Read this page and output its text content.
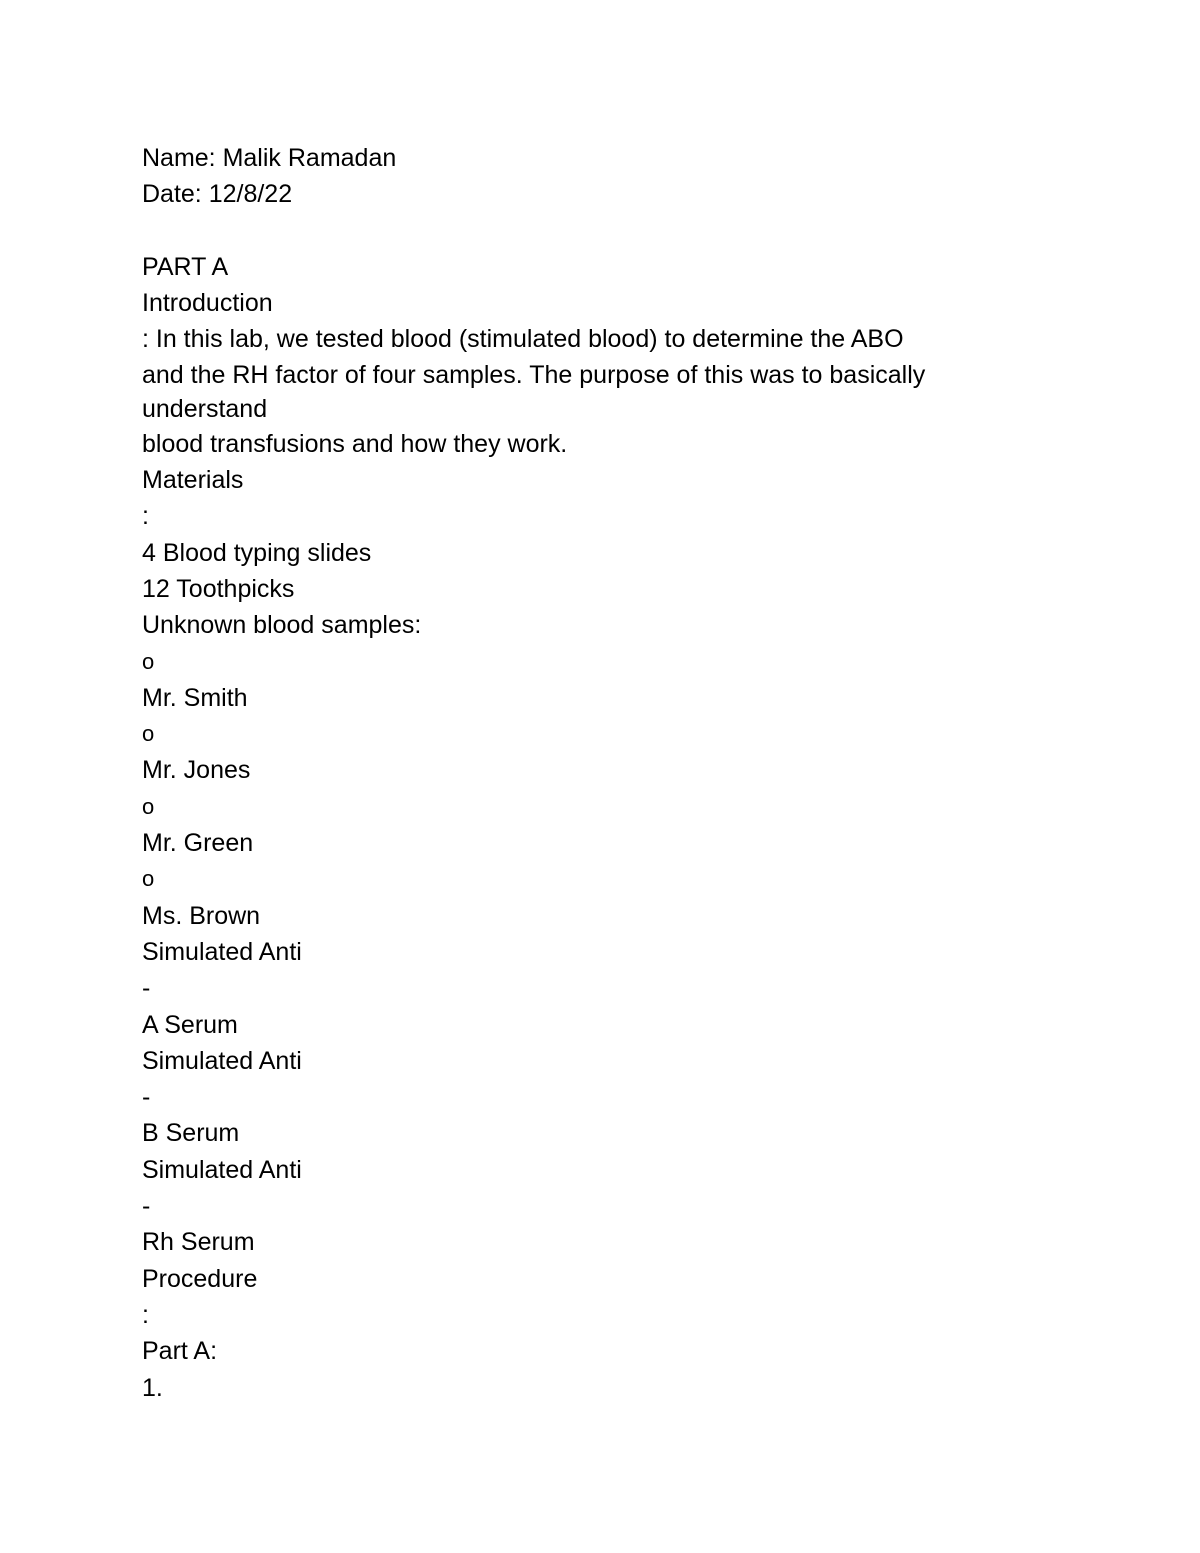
Name: Malik Ramadan
Date: 12/8/22
PART A
Introduction
: In this lab, we tested blood (stimulated blood) to determine the ABO
and the RH factor of four samples. The purpose of this was to basically
understand
blood transfusions and how they work.
Materials
:
4 Blood typing slides
12 Toothpicks
Unknown blood samples:
o
Mr. Smith
o
Mr. Jones
o
Mr. Green
o
Ms. Brown
Simulated Anti
-
A Serum
Simulated Anti
-
B Serum
Simulated Anti
-
Rh Serum
Procedure
:
Part A:
1.
